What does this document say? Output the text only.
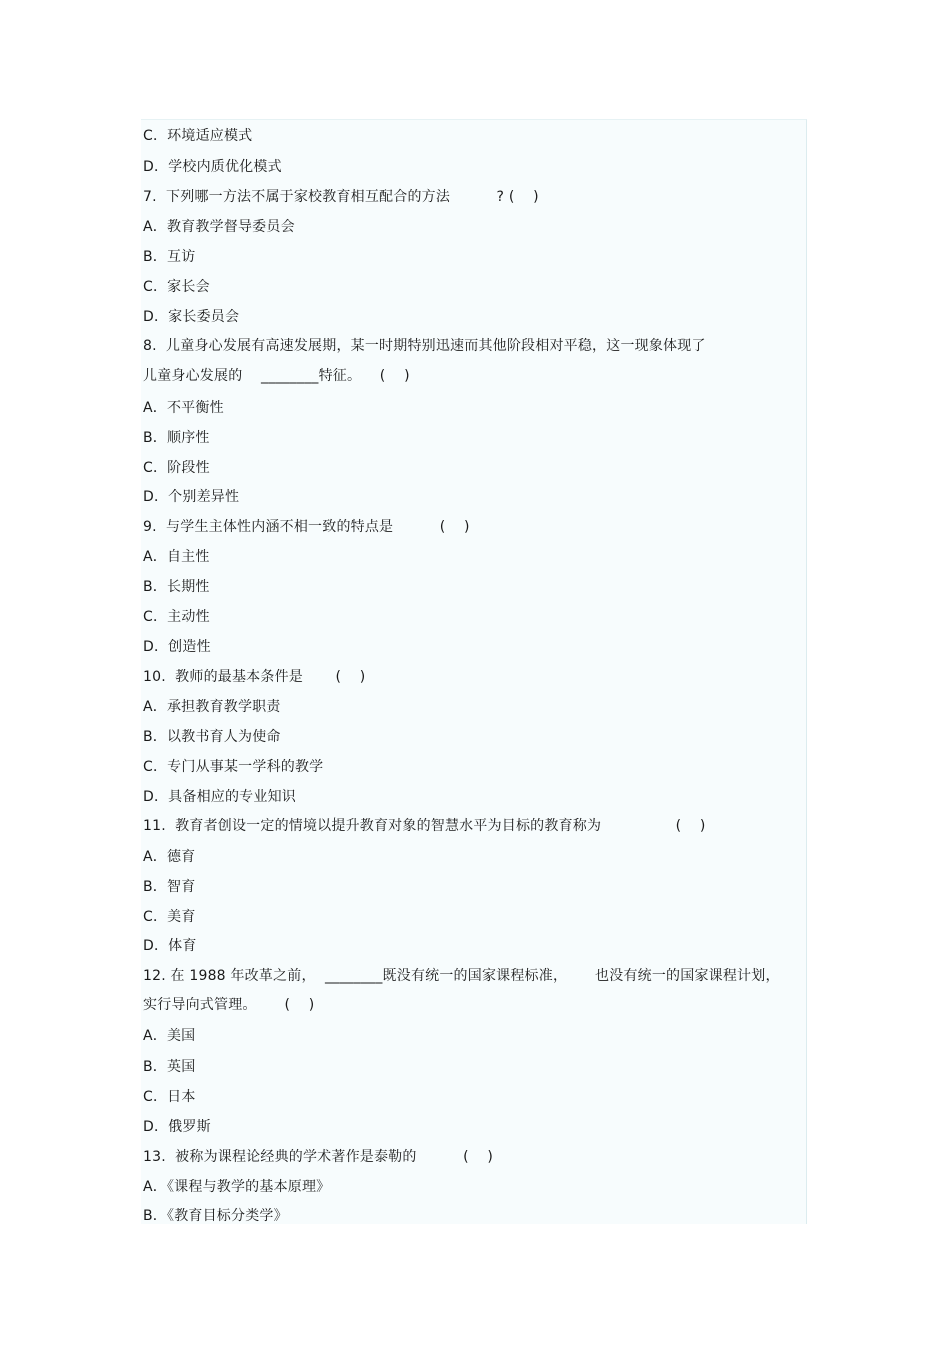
C．环境适应模式
D．学校内质优化模式
7.  下列哪一方法不属于家校教育相互配合的方法          ? (    )
A．教育教学督导委员会
B．互访
C．家长会
D．家长委员会
8.  儿童身心发展有高速发展期，某一时期特别迅速而其他阶段相对平稳，这一现象体现了
儿童身心发展的    ________特征。    (    )
A．不平衡性
B．顺序性
C．阶段性
D．个别差异性
9.  与学生主体性内涵不相一致的特点是          (    )
A．自主性
B．长期性
C．主动性
D．创造性
10.  教师的最基本条件是       (    )
A．承担教育教学职责
B．以教书育人为使命
C．专门从事某一学科的教学
D．具备相应的专业知识
11.  教育者创设一定的情境以提升教育对象的智慧水平为目标的教育称为                (    )
A．德育
B．智育
C．美育
D．体育
12. 在 1988 年改革之前，  ________既没有统一的国家课程标准，      也没有统一的国家课程计划，
实行导向式管理。      (    )
A．美国
B．英国
C．日本
D．俄罗斯
13.  被称为课程论经典的学术著作是泰勒的          (    )
A．《课程与教学的基本原理》
B．《教育目标分类学》
